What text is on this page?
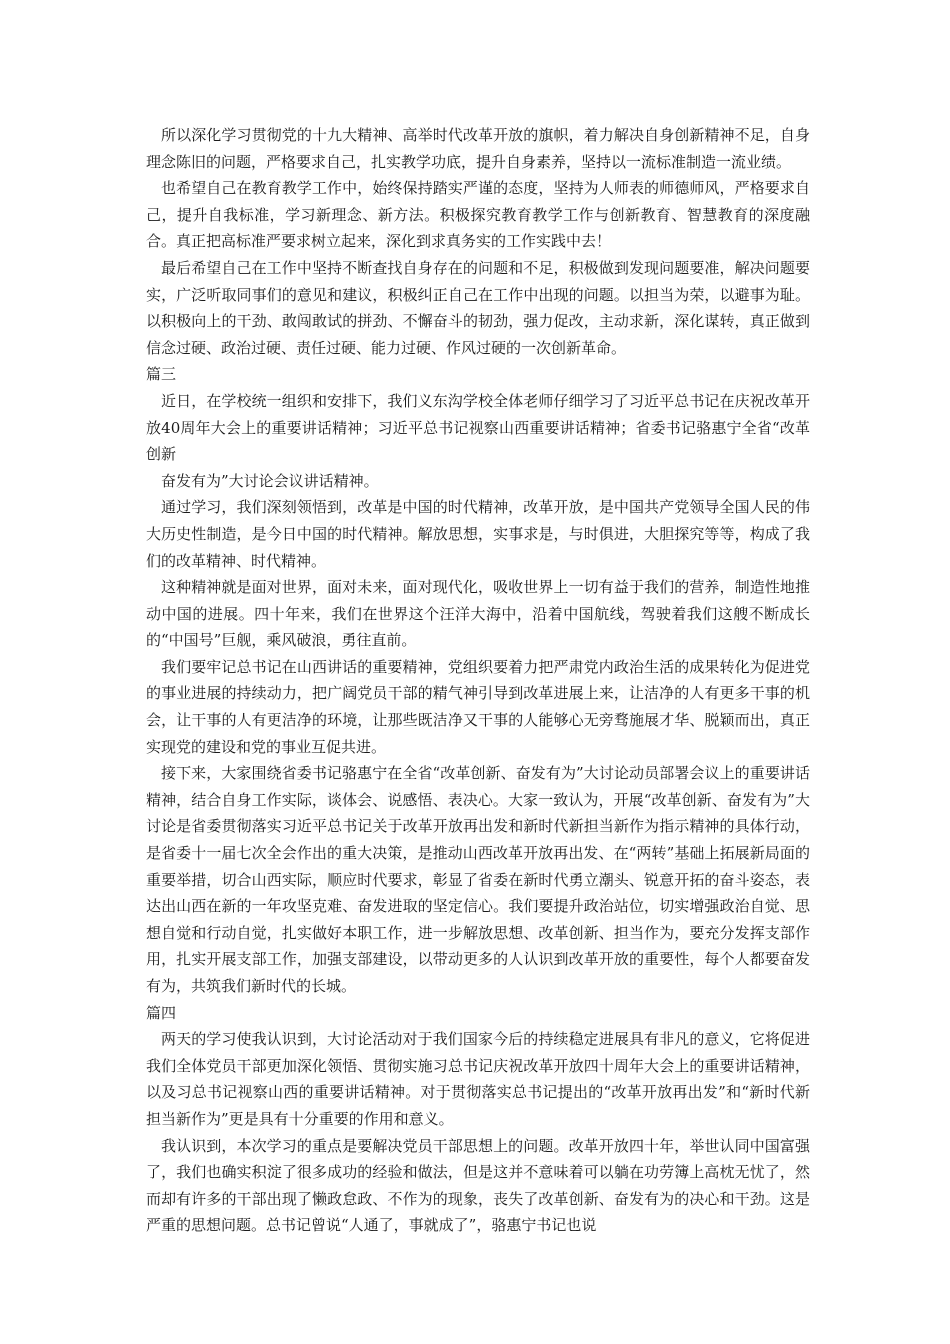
所以深化学习贯彻党的十九大精神、高举时代改革开放的旗帜，着力解决自身创新精神不足，自身理念陈旧的问题，严格要求自己，扎实教学功底，提升自身素养，坚持以一流标准制造一流业绩。

也希望自己在教育教学工作中，始终保持踏实严谨的态度，坚持为人师表的师德师风，严格要求自己，提升自我标准，学习新理念、新方法。积极探究教育教学工作与创新教育、智慧教育的深度融合。真正把高标准严要求树立起来，深化到求真务实的工作实践中去！

最后希望自己在工作中坚持不断查找自身存在的问题和不足，积极做到发现问题要准，解决问题要实，广泛听取同事们的意见和建议，积极纠正自己在工作中出现的问题。以担当为荣，以避事为耻。以积极向上的干劲、敢闯敢试的拼劲、不懈奋斗的韧劲，强力促改，主动求新，深化谋转，真正做到信念过硬、政治过硬、责任过硬、能力过硬、作风过硬的一次创新革命。

篇三

近日，在学校统一组织和安排下，我们义东沟学校全体老师仔细学习了习近平总书记在庆祝改革开放40周年大会上的重要讲话精神；习近平总书记视察山西重要讲话精神；省委书记骆惠宁全省“改革创新

奋发有为”大讨论会议讲话精神。

通过学习，我们深刻领悟到，改革是中国的时代精神，改革开放，是中国共产党领导全国人民的伟大历史性制造，是今日中国的时代精神。解放思想，实事求是，与时俱进，大胆探究等等，构成了我们的改革精神、时代精神。

这种精神就是面对世界，面对未来，面对现代化，吸收世界上一切有益于我们的营养，制造性地推动中国的进展。四十年来，我们在世界这个汪洋大海中，沿着中国航线，驾驶着我们这艘不断成长的“中国号”巨舰，乘风破浪，勇往直前。

我们要牢记总书记在山西讲话的重要精神，党组织要着力把严肃党内政治生活的成果转化为促进党的事业进展的持续动力，把广阔党员干部的精气神引导到改革进展上来，让洁净的人有更多干事的机会，让干事的人有更洁净的环境，让那些既洁净又干事的人能够心无旁骛施展才华、脱颖而出，真正实现党的建设和党的事业互促共进。

接下来，大家围绕省委书记骆惠宁在全省“改革创新、奋发有为”大讨论动员部署会议上的重要讲话精神，结合自身工作实际，谈体会、说感悟、表决心。大家一致认为，开展“改革创新、奋发有为”大讨论是省委贯彻落实习近平总书记关于改革开放再出发和新时代新担当新作为指示精神的具体行动，是省委十一届七次全会作出的重大决策，是推动山西改革开放再出发、在“两转”基础上拓展新局面的重要举措，切合山西实际，顺应时代要求，彰显了省委在新时代勇立潮头、锐意开拓的奋斗姿态，表达出山西在新的一年攻坚克难、奋发进取的坚定信心。我们要提升政治站位，切实增强政治自觉、思想自觉和行动自觉，扎实做好本职工作，进一步解放思想、改革创新、担当作为，要充分发挥支部作用，扎实开展支部工作，加强支部建设，以带动更多的人认识到改革开放的重要性，每个人都要奋发有为，共筑我们新时代的长城。

篇四

两天的学习使我认识到，大讨论活动对于我们国家今后的持续稳定进展具有非凡的意义，它将促进我们全体党员干部更加深化领悟、贯彻实施习总书记庆祝改革开放四十周年大会上的重要讲话精神，以及习总书记视察山西的重要讲话精神。对于贯彻落实总书记提出的“改革开放再出发”和“新时代新担当新作为”更是具有十分重要的作用和意义。

我认识到，本次学习的重点是要解决党员干部思想上的问题。改革开放四十年，举世认同中国富强了，我们也确实积淀了很多成功的经验和做法，但是这并不意味着可以躺在功劳簿上高枕无忧了，然而却有许多的干部出现了懒政怠政、不作为的现象，丧失了改革创新、奋发有为的决心和干劲。这是严重的思想问题。总书记曾说“人通了，事就成了”，骆惠宁书记也说
